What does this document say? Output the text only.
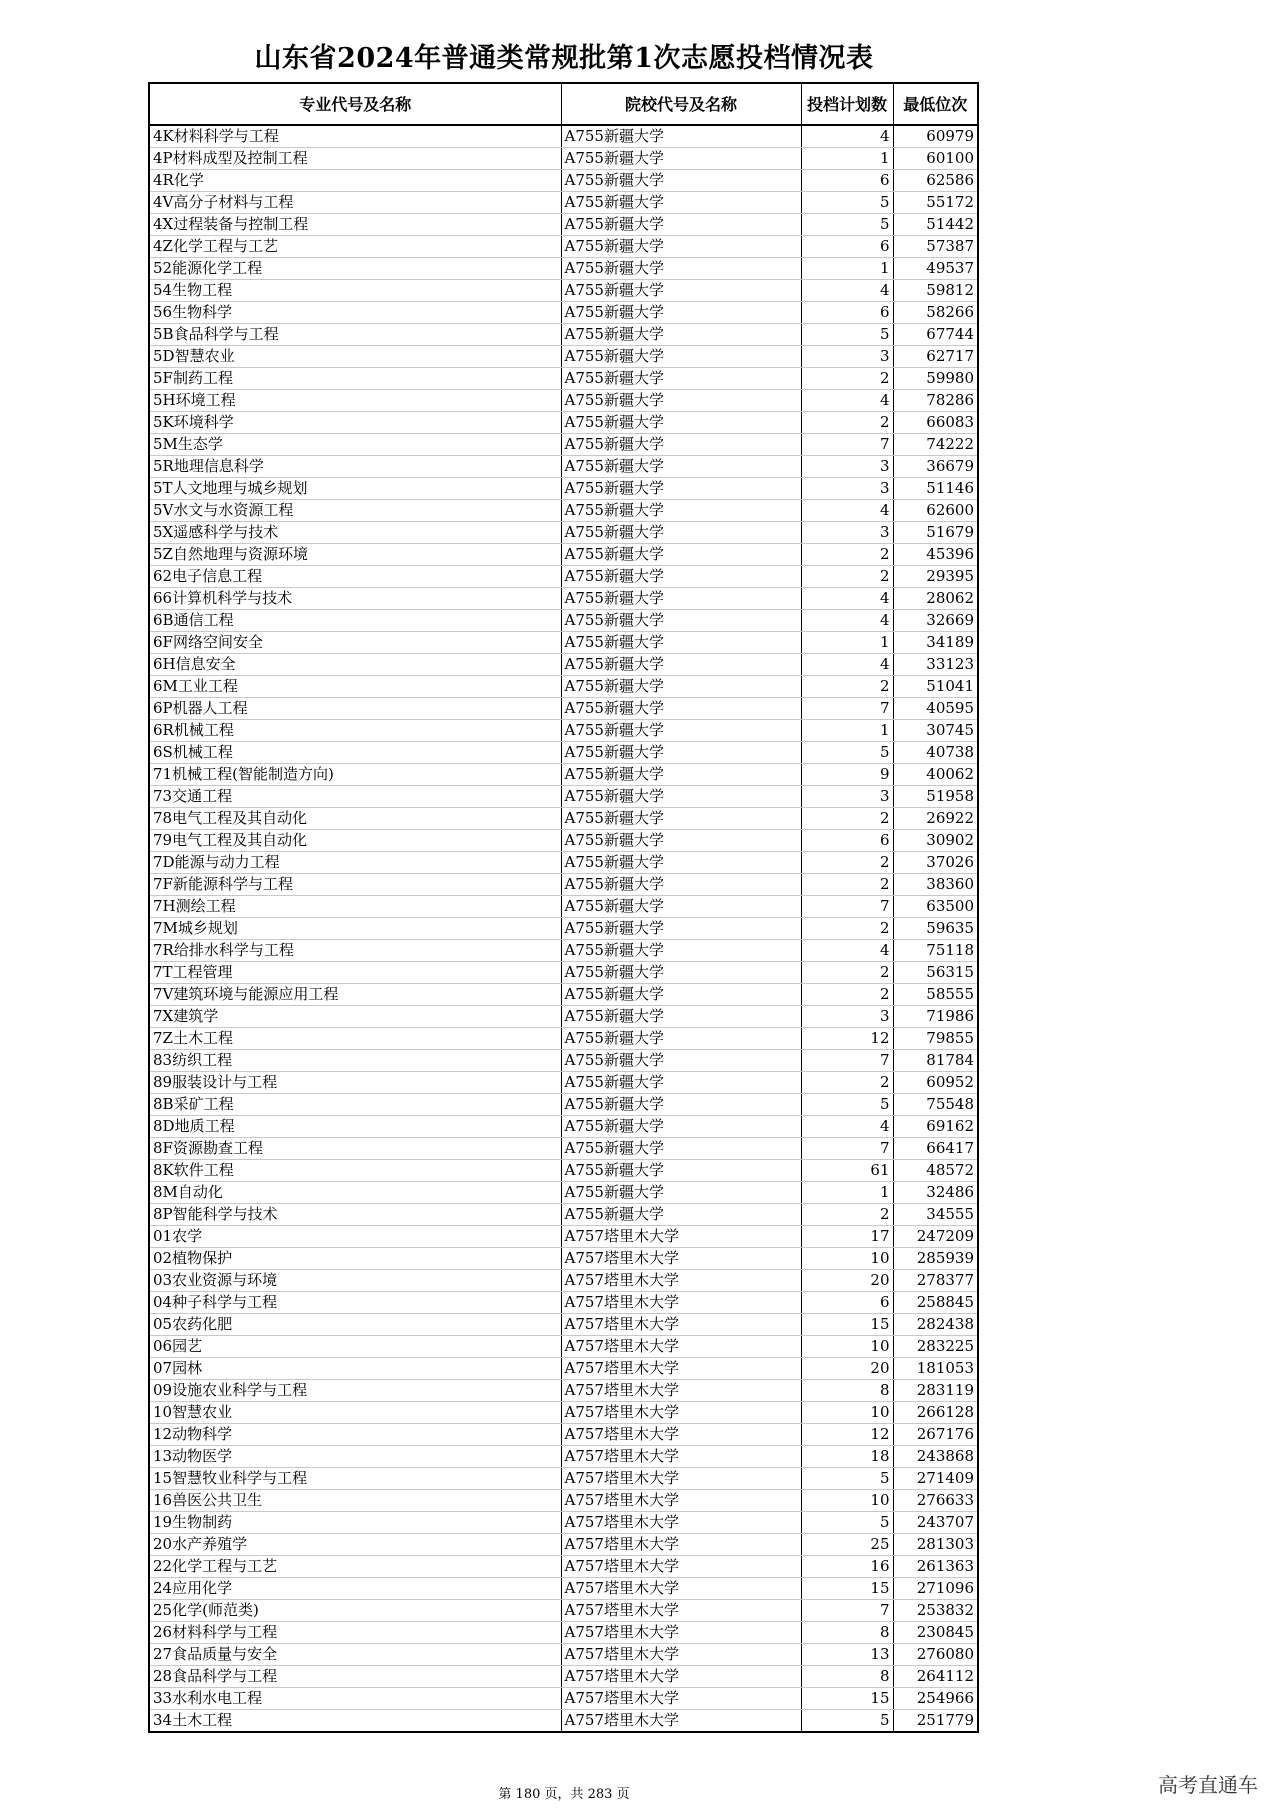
山东省2024年普通类常规批第1次志愿投档情况表
专业代号及名称	院校代号及名称	投档计划数	最低位次
4K材料科学与工程	A755新疆大学	4	60979
4P材料成型及控制工程	A755新疆大学	1	60100
4R化学	A755新疆大学	6	62586
4V高分子材料与工程	A755新疆大学	5	55172
4X过程装备与控制工程	A755新疆大学	5	51442
4Z化学工程与工艺	A755新疆大学	6	57387
52能源化学工程	A755新疆大学	1	49537
54生物工程	A755新疆大学	4	59812
56生物科学	A755新疆大学	6	58266
5B食品科学与工程	A755新疆大学	5	67744
5D智慧农业	A755新疆大学	3	62717
5F制药工程	A755新疆大学	2	59980
5H环境工程	A755新疆大学	4	78286
5K环境科学	A755新疆大学	2	66083
5M生态学	A755新疆大学	7	74222
5R地理信息科学	A755新疆大学	3	36679
5T人文地理与城乡规划	A755新疆大学	3	51146
5V水文与水资源工程	A755新疆大学	4	62600
5X遥感科学与技术	A755新疆大学	3	51679
5Z自然地理与资源环境	A755新疆大学	2	45396
62电子信息工程	A755新疆大学	2	29395
66计算机科学与技术	A755新疆大学	4	28062
6B通信工程	A755新疆大学	4	32669
6F网络空间安全	A755新疆大学	1	34189
6H信息安全	A755新疆大学	4	33123
6M工业工程	A755新疆大学	2	51041
6P机器人工程	A755新疆大学	7	40595
6R机械工程	A755新疆大学	1	30745
6S机械工程	A755新疆大学	5	40738
71机械工程(智能制造方向)	A755新疆大学	9	40062
73交通工程	A755新疆大学	3	51958
78电气工程及其自动化	A755新疆大学	2	26922
79电气工程及其自动化	A755新疆大学	6	30902
7D能源与动力工程	A755新疆大学	2	37026
7F新能源科学与工程	A755新疆大学	2	38360
7H测绘工程	A755新疆大学	7	63500
7M城乡规划	A755新疆大学	2	59635
7R给排水科学与工程	A755新疆大学	4	75118
7T工程管理	A755新疆大学	2	56315
7V建筑环境与能源应用工程	A755新疆大学	2	58555
7X建筑学	A755新疆大学	3	71986
7Z土木工程	A755新疆大学	12	79855
83纺织工程	A755新疆大学	7	81784
89服装设计与工程	A755新疆大学	2	60952
8B采矿工程	A755新疆大学	5	75548
8D地质工程	A755新疆大学	4	69162
8F资源勘查工程	A755新疆大学	7	66417
8K软件工程	A755新疆大学	61	48572
8M自动化	A755新疆大学	1	32486
8P智能科学与技术	A755新疆大学	2	34555
01农学	A757塔里木大学	17	247209
02植物保护	A757塔里木大学	10	285939
03农业资源与环境	A757塔里木大学	20	278377
04种子科学与工程	A757塔里木大学	6	258845
05农药化肥	A757塔里木大学	15	282438
06园艺	A757塔里木大学	10	283225
07园林	A757塔里木大学	20	181053
09设施农业科学与工程	A757塔里木大学	8	283119
10智慧农业	A757塔里木大学	10	266128
12动物科学	A757塔里木大学	12	267176
13动物医学	A757塔里木大学	18	243868
15智慧牧业科学与工程	A757塔里木大学	5	271409
16兽医公共卫生	A757塔里木大学	10	276633
19生物制药	A757塔里木大学	5	243707
20水产养殖学	A757塔里木大学	25	281303
22化学工程与工艺	A757塔里木大学	16	261363
24应用化学	A757塔里木大学	15	271096
25化学(师范类)	A757塔里木大学	7	253832
26材料科学与工程	A757塔里木大学	8	230845
27食品质量与安全	A757塔里木大学	13	276080
28食品科学与工程	A757塔里木大学	8	264112
33水利水电工程	A757塔里木大学	15	254966
34土木工程	A757塔里木大学	5	251779
第 180 页，共 283 页	高考直通车
